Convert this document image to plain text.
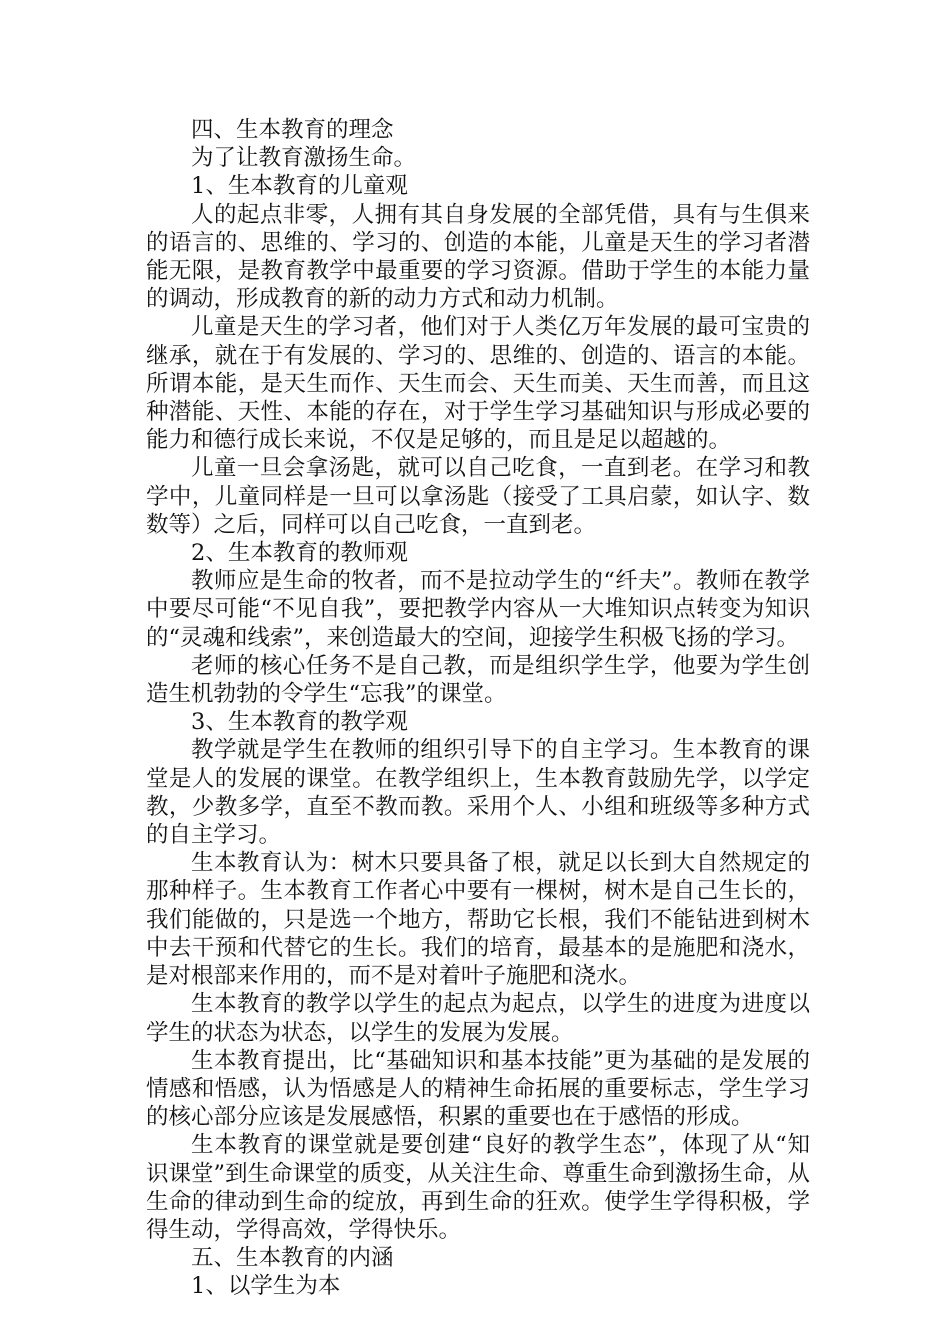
四、生本教育的理念

为了让教育激扬生命。

1、生本教育的儿童观

人的起点非零，人拥有其自身发展的全部凭借，具有与生俱来的语言的、思维的、学习的、创造的本能，儿童是天生的学习者潜能无限，是教育教学中最重要的学习资源。借助于学生的本能力量的调动，形成教育的新的动力方式和动力机制。

儿童是天生的学习者，他们对于人类亿万年发展的最可宝贵的继承，就在于有发展的、学习的、思维的、创造的、语言的本能。所谓本能，是天生而作、天生而会、天生而美、天生而善，而且这种潜能、天性、本能的存在，对于学生学习基础知识与形成必要的能力和德行成长来说，不仅是足够的，而且是足以超越的。

儿童一旦会拿汤匙，就可以自己吃食，一直到老。在学习和教学中，儿童同样是一旦可以拿汤匙（接受了工具启蒙，如认字、数数等）之后，同样可以自己吃食，一直到老。

2、生本教育的教师观

教师应是生命的牧者，而不是拉动学生的“纤夫”。教师在教学中要尽可能“不见自我”，要把教学内容从一大堆知识点转变为知识的“灵魂和线索”，来创造最大的空间，迎接学生积极飞扬的学习。

老师的核心任务不是自己教，而是组织学生学，他要为学生创造生机勃勃的令学生“忘我”的课堂。

3、生本教育的教学观

教学就是学生在教师的组织引导下的自主学习。生本教育的课堂是人的发展的课堂。在教学组织上，生本教育鼓励先学，以学定教，少教多学，直至不教而教。采用个人、小组和班级等多种方式的自主学习。

生本教育认为：树木只要具备了根，就足以长到大自然规定的那种样子。生本教育工作者心中要有一棵树，树木是自己生长的，我们能做的，只是选一个地方，帮助它长根，我们不能钻进到树木中去干预和代替它的生长。我们的培育，最基本的是施肥和浇水，是对根部来作用的，而不是对着叶子施肥和浇水。

生本教育的教学以学生的起点为起点，以学生的进度为进度以学生的状态为状态，以学生的发展为发展。

生本教育提出，比“基础知识和基本技能”更为基础的是发展的情感和悟感，认为悟感是人的精神生命拓展的重要标志，学生学习的核心部分应该是发展感悟，积累的重要也在于感悟的形成。

生本教育的课堂就是要创建“良好的教学生态”，体现了从“知识课堂”到生命课堂的质变，从关注生命、尊重生命到激扬生命，从生命的律动到生命的绽放，再到生命的狂欢。使学生学得积极，学得生动，学得高效，学得快乐。

五、生本教育的内涵

1、以学生为本
